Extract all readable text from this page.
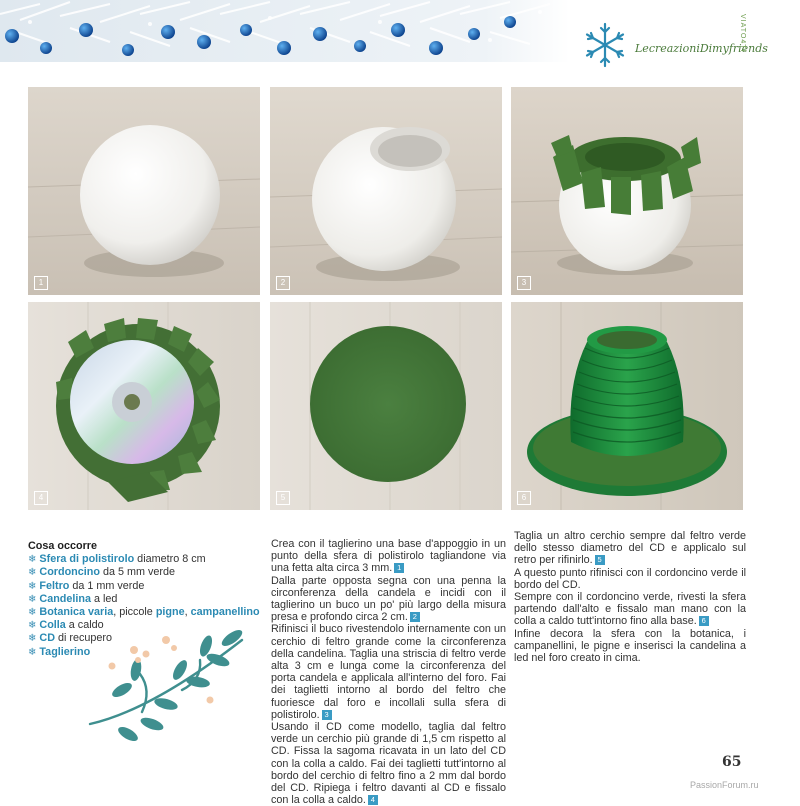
LecreazioniDimyfriends
VIATO4TI
1	2	3
4	5	6
Cosa occorre
❄ Sfera di polistirolo diametro 8 cm
❄ Cordoncino da 5 mm verde
❄ Feltro da 1 mm verde
❄ Candelina a led
❄ Botanica varia, piccole pigne, campanellino
❄ Colla a caldo
❄ CD di recupero
❄ Taglierino

Crea con il taglierino una base d'appoggio in un punto della sfera di polistirolo tagliandone via una fetta alta circa 3 mm. 1

Dalla parte opposta segna con una penna la circonferenza della candela e incidi con il taglierino un buco un po' più largo della misura presa e profondo circa 2 cm. 2

Rifinisci il buco rivestendolo internamente con un cerchio di feltro grande come la circonferenza della candelina. Taglia una striscia di feltro verde alta 3 cm e lunga come la circonferenza del porta candela e applicala all'interno del foro. Fai dei taglietti intorno al bordo del feltro che fuoriesce dal foro e incollali sulla sfera di polistirolo. 3

Usando il CD come modello, taglia dal feltro verde un cerchio più grande di 1,5 cm rispetto al CD. Fissa la sagoma ricavata in un lato del CD con la colla a caldo. Fai dei taglietti tutt'intorno al bordo del cerchio di feltro fino a 2 mm dal bordo del CD. Ripiega i feltro davanti al CD e fissalo con la colla a caldo. 4

Taglia un altro cerchio sempre dal feltro verde dello stesso diametro del CD e applicalo sul retro per rifinirlo. 5

A questo punto rifinisci con il cordoncino verde il bordo del CD.

Sempre con il cordoncino verde, rivesti la sfera partendo dall'alto e fissalo man mano con la colla a caldo tutt'intorno fino alla base. 6

Infine decora la sfera con la botanica, i campanellini, le pigne e inserisci la candelina a led nel foro creato in cima.

65
PassionForum.ru
